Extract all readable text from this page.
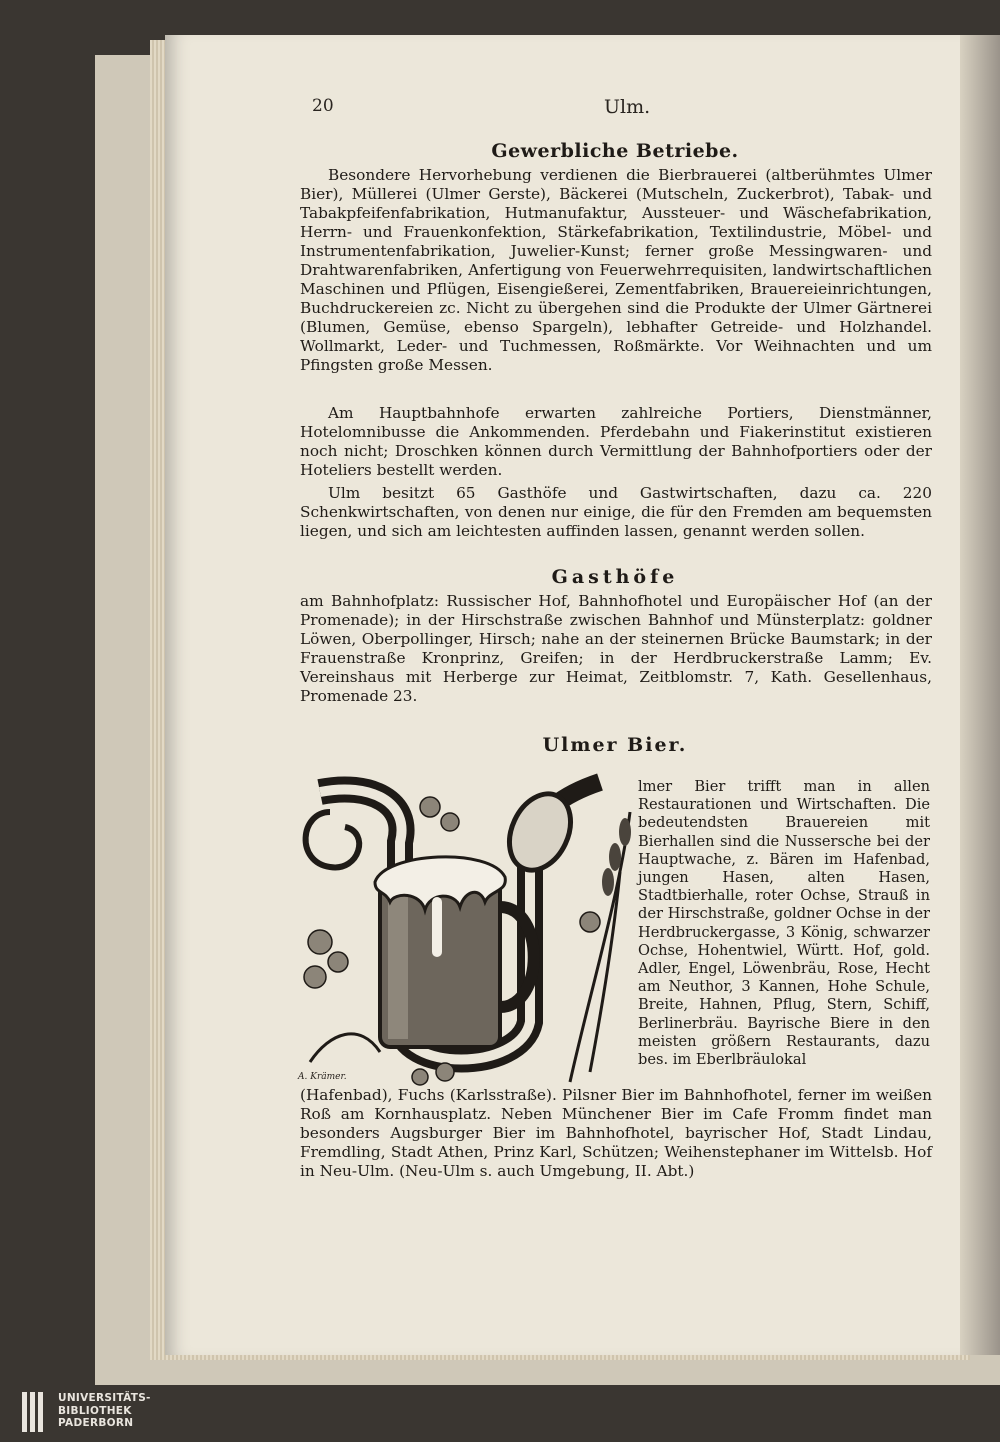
20	Ulm.
Gewerbliche Betriebe.

Besondere Hervorhebung verdienen die Bierbrauerei (altberühmtes Ulmer Bier), Müllerei (Ulmer Gerste), Bäckerei (Mutscheln, Zuckerbrot), Tabak- und Tabakpfeifenfabrikation, Hutmanufaktur, Aussteuer- und Wäschefabrikation, Herrn- und Frauenkonfektion, Stärkefabrikation, Textilindustrie, Möbel- und Instrumentenfabrikation, Juwelier-Kunst; ferner große Messingwaren- und Drahtwarenfabriken, Anfertigung von Feuerwehrrequisiten, landwirtschaftlichen Maschinen und Pflügen, Eisengießerei, Zementfabriken, Brauereieinrichtungen, Buchdruckereien zc. Nicht zu übergehen sind die Produkte der Ulmer Gärtnerei (Blumen, Gemüse, ebenso Spargeln), lebhafter Getreide- und Holzhandel. Wollmarkt, Leder- und Tuchmessen, Roßmärkte. Vor Weihnachten und um Pfingsten große Messen.

Am Hauptbahnhofe erwarten zahlreiche Portiers, Dienstmänner, Hotelomnibusse die Ankommenden. Pferdebahn und Fiakerinstitut existieren noch nicht; Droschken können durch Vermittlung der Bahnhofportiers oder der Hoteliers bestellt werden.

Ulm besitzt 65 Gasthöfe und Gastwirtschaften, dazu ca. 220 Schenkwirtschaften, von denen nur einige, die für den Fremden am bequemsten liegen, und sich am leichtesten auffinden lassen, genannt werden sollen.

Gasthöfe

am Bahnhofplatz: Russischer Hof, Bahnhofhotel und Europäischer Hof (an der Promenade); in der Hirschstraße zwischen Bahnhof und Münsterplatz: goldner Löwen, Oberpollinger, Hirsch; nahe an der steinernen Brücke Baumstark; in der Frauenstraße Kronprinz, Greifen; in der Herdbruckerstraße Lamm; Ev. Vereinshaus mit Herberge zur Heimat, Zeitblomstr. 7, Kath. Gesellenhaus, Promenade 23.

Ulmer Bier.
A. Krämer.

lmer Bier trifft man in allen Restaurationen und Wirtschaften. Die bedeutendsten Brauereien mit Bierhallen sind die Nussersche bei der Hauptwache, z. Bären im Hafenbad, jungen Hasen, alten Hasen, Stadtbierhalle, roter Ochse, Strauß in der Hirschstraße, goldner Ochse in der Herdbruckergasse, 3 König, schwarzer Ochse, Hohentwiel, Württ. Hof, gold. Adler, Engel, Löwenbräu, Rose, Hecht am Neuthor, 3 Kannen, Hohe Schule, Breite, Hahnen, Pflug, Stern, Schiff, Berlinerbräu. Bayrische Biere in den meisten größern Restaurants, dazu bes. im Eberlbräulokal

(Hafenbad), Fuchs (Karlsstraße). Pilsner Bier im Bahnhofhotel, ferner im weißen Roß am Kornhausplatz. Neben Münchener Bier im Cafe Fromm findet man besonders Augsburger Bier im Bahnhofhotel, bayrischer Hof, Stadt Lindau, Fremdling, Stadt Athen, Prinz Karl, Schützen; Weihenstephaner im Wittelsb. Hof in Neu-Ulm. (Neu-Ulm s. auch Umgebung, II. Abt.)

UNIVERSITÄTS-
BIBLIOTHEK
PADERBORN
